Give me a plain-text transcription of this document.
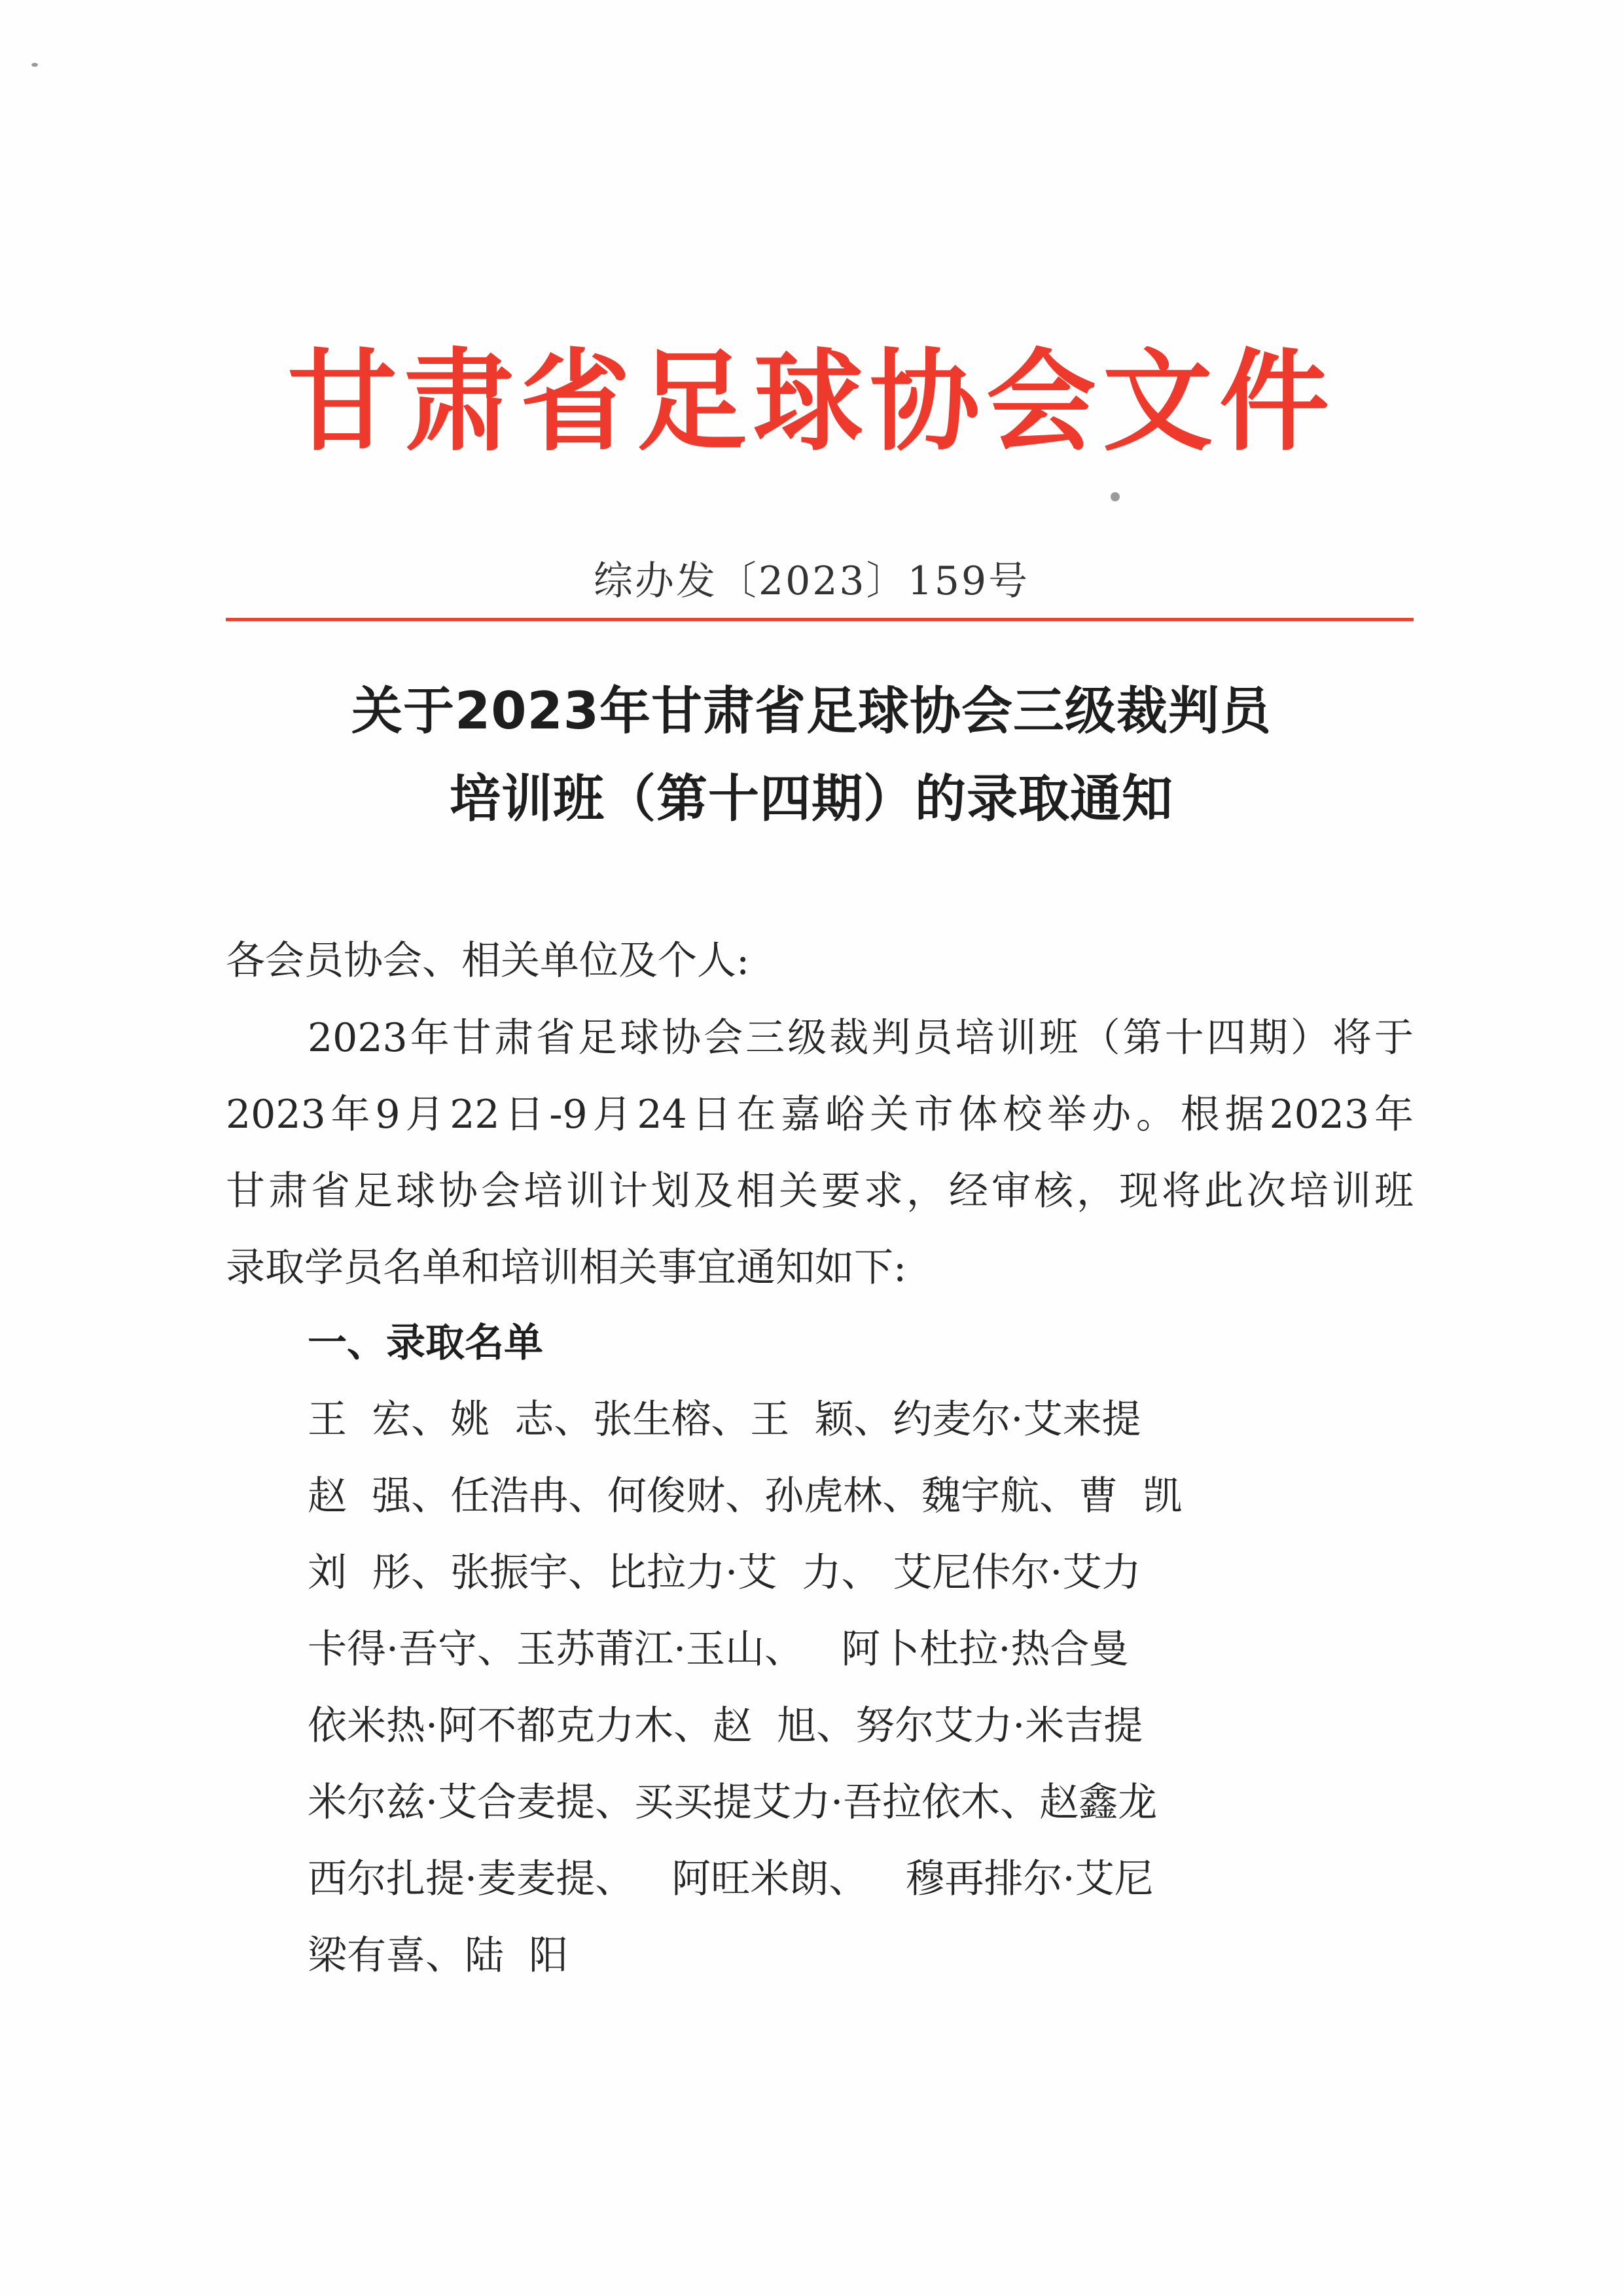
甘肃省足球协会文件
综办发〔2023〕159号
关于2023年甘肃省足球协会三级裁判员
培训班（第十四期）的录取通知
各会员协会、相关单位及个人:
2023年甘肃省足球协会三级裁判员培训班（第十四期）将于
2023年9月22日-9月24日在嘉峪关市体校举办。根据2023年
甘肃省足球协会培训计划及相关要求，经审核，现将此次培训班
录取学员名单和培训相关事宜通知如下:
一、录取名单
王  宏、姚  志、张生榕、王  颖、约麦尔·艾来提
赵  强、任浩冉、何俊财、孙虎林、魏宇航、曹  凯
刘  彤、张振宇、比拉力·艾  力、 艾尼佧尔·艾力
卡得·吾守、玉苏莆江·玉山、   阿卜杜拉·热合曼
依米热·阿不都克力木、赵  旭、努尔艾力·米吉提
米尔兹·艾合麦提、买买提艾力·吾拉依木、赵鑫龙
西尔扎提·麦麦提、   阿旺米朗、   穆再排尔·艾尼
梁有喜、陆  阳
